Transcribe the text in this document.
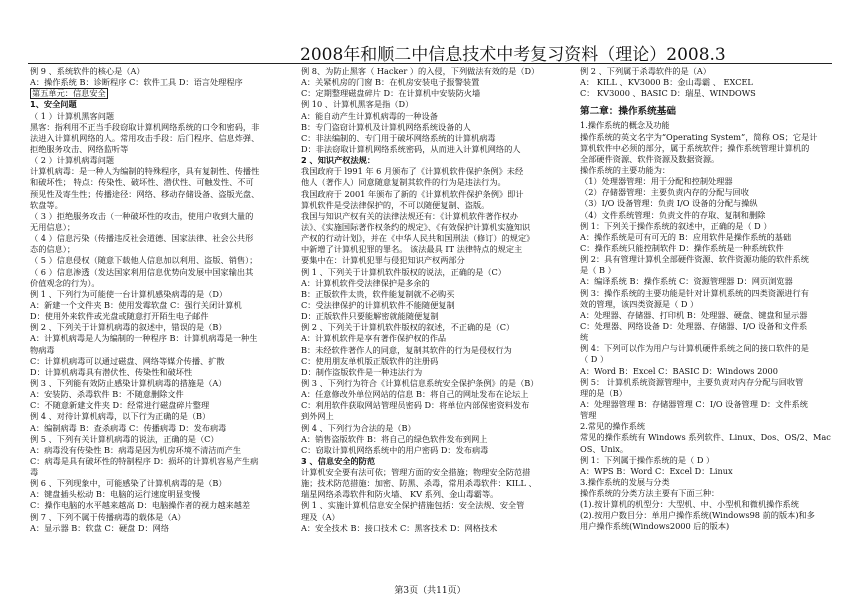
2008年和顺二中信息技术中考复习资料（理论）2008.3
例 9 、系统软件的核心是（A）
A：操作系统 B：诊断程序 C：软件工具 D：语言处理程序
第五单元：信息安全
1、安全问题
（ 1 ）计算机黑客问题
黑客：指利用不正当手段窃取计算机网络系统的口令和密码，非
法进入计算机网络的人。常用攻击手段：后门程序、信息炸弹、
拒绝服务攻击、网络监听等
（ 2 ）计算机病毒问题
计算机病毒：是一种人为编制的特殊程序，具有复制性、传播性
和破坏性； 特点：传染性、破坏性、潜伏性、可触发性、不可
预见性及寄生性；传播途径：网络、移动存储设备、盗版光盘、
软盘等。
（ 3 ）拒绝服务攻击（一种破坏性的攻击，使用户收到大量的
无用信息）；
（ 4 ）信息污染（传播违反社会道德、国家法律、社会公共形
态的信息）；
（ 5 ）信息侵权（随意下载他人信息加以利用、盗版、销售）；
（ 6 ）信息渗透（发达国家利用信息优势向发展中国家输出其
价值观念的行为）。
例 1 、下列行为可能使一台计算机感染病毒的是（D）
A：新建一个文件夹 B：使用发霉软盘 C：强行关闭计算机
D：使用外来软件或光盘或随意打开陌生电子邮件
例 2 、下列关于计算机病毒的叙述中，错误的是（B）
A：计算机病毒是人为编制的一种程序 B：计算机病毒是一种生
物病毒
C：计算机病毒可以通过磁盘、网络等媒介传播、扩散
D：计算机病毒具有潜伏性、传染性和破坏性
例 3 、下列能有效防止感染计算机病毒的措施是（A）
A：安装防、杀毒软件 B：不随意删除文件
C：不随意新建文件夹 D：经常进行磁盘碎片整理
例 4 、对待计算机病毒，以下行为正确的是（B）
A：编制病毒 B：查杀病毒 C：传播病毒 D：发布病毒
例 5 、下列有关计算机病毒的说法，正确的是（C）
A：病毒没有传染性 B：病毒是因为机房环境不清洁而产生
C：病毒是具有破坏性的特制程序 D：损坏的计算机容易产生病
毒
例 6 、下列现象中，可能感染了计算机病毒的是（B）
A：键盘插头松动 B：电脑的运行速度明显变慢
C：操作电脑的水平越来越高 D：电脑操作者的视力越来越差
例 7 、下列不属于传播病毒的载体是（A）
A：显示器 B：软盘 C：硬盘 D：网络
例 8、为防止黑客（ Hacker ）的入侵，下列做法有效的是（D）
A：关紧机房的门窗 B：在机房安装电子报警装置
C：定期整理磁盘碎片 D：在计算机中安装防火墙
例 10 、计算机黑客是指（D）
A：能自动产生计算机病毒的一种设备
B：专门盗窃计算机及计算机网络系统设备的人
C：非法编制的、专门用于破坏网络系统的计算机病毒
D：非法窃取计算机网络系统密码，从而进入计算机网络的人
2 、知识产权法规：
我国政府于 l991 年 6 月颁布了《计算机软件保护条例》未经
他人（著作人）同意随意复制其软件的行为是违法行为。
我国政府于 2001 年颁布了新的《计算机软件保护条例》即计
算机软件是受法律保护的，不可以随便复制、盗版。
我国与知识产权有关的法律法规还有：《计算机软件著作权办
法》、《实施国际著作权条约的规定》、《有效保护计算机实施知识
产权的行动计划》，并在《中华人民共和国刑法（修订）的规定》
中新增了计算机犯罪的罪名。 该法最具 IT 法律特点的规定主
要集中在：计算机犯罪与侵犯知识产权两部分
例 1 、下列关于计算机软件版权的说法，正确的是（C）
A：计算机软件受法律保护是多余的
B：正版软件太贵，软件能复制就不必购买
C：受法律保护的计算机软件不能随便复制
D：正版软件只要能解密就能随便复制
例 2 、下列关于计算机软件版权的叙述，不正确的是（C）
A：计算机软件是享有著作保护权的作品
B：未经软件著作人的同意，复制其软件的行为是侵权行为
C：使用朋友单机版正版软件的注册码
D：制作盗版软件是一种违法行为
例 3 、下列行为符合《计算机信息系统安全保护条例》的是（B）
A：任意修改外单位网站的信息 B：将自己的网址发布在论坛上
C：利用软件获取网站管理员密码 D：将单位内部保密资料发布
到外网上
例 4 、下列行为合法的是（B）
A：销售盗版软件 B：将自己的绿色软件发布到网上
C：窃取计算机网络系统中的用户密码 D：发布病毒
3 、信息安全的防范
计算机安全要有法可依；管理方面的安全措施；物理安全防范措
施；技术防范措施：加密、防黑、杀毒，常用杀毒软件：KILL 、
瑞星网络杀毒软件和防火墙、 KV 系列、金山毒霸等。
例 1 、实施计算机信息安全保护措施包括：安全法规、安全管
理及（A）
A：安全技术 B：接口技术 C：黑客技术 D：网格技术
例 2 、下列属于杀毒软件的是（A）
A： KILL 、KV3000 B：金山毒霸 、 EXCEL
C： KV3000 、BASIC D：瑞星、WINDOWS
第二章：操作系统基础
1.操作系统的概念及功能
操作系统的英文名字为“Operating System”，简称 OS；它是计
算机软件中必须的部分，属于系统软件；操作系统管理计算机的
全部硬件资源、软件资源及数据资源。
操作系统的主要功能为：
（1）处理器管理：用于分配和控制处理器
（2）存储器管理：主要负责内存的分配与回收
（3）I/O 设备管理：负责 I/O 设备的分配与操纵
（4）文件系统管理：负责文件的存取、复制和删除
例 1：下列关于操作系统的叙述中，正确的是（ D ）
A：操作系统是可有可无的 B：应用软件是操作系统的基础
C：操作系统只能控制软件 D：操作系统是一种系统软件
例 2：具有管理计算机全部硬件资源、软件资源功能的软件系统
是（ B ）
A：编译系统 B：操作系统 C：资源管理器 D：网页浏览器
例 3：操作系统的主要功能是针对计算机系统的四类资源进行有
效的管理，该四类资源是（ D ）
A：处理器、存储器、打印机 B：处理器、硬盘、键盘和显示器
C：处理器、网络设备 D：处理器、存储器、I/O 设备和文件系
统
例 4：下列可以作为用户与计算机硬件系统之间的接口软件的是
（ D ）
A：Word B：Excel C：BASIC D：Windows 2000
例 5： 计算机系统资源管理中，主要负责对内存分配与回收管
理的是（B）
A：处理器管理 B：存储器管理 C：I/O 设备管理 D：文件系统
管理
2.常见的操作系统
常见的操作系统有 Windows 系列软件、Linux、Dos、OS/2、Mac
OS、Unix。
例 1：下列属于操作系统的是（ D ）
A：WPS B：Word C：Excel D：Linux
3.操作系统的发展与分类
操作系统的分类方法主要有下面三种：
(1).按计算机的机型分：大型机、中、小型机和微机操作系统
(2).按用户数目分：单用户操作系统(Windows98 前的版本)和多
用户操作系统(Windows2000 后的版本)
第3页（共11页）
